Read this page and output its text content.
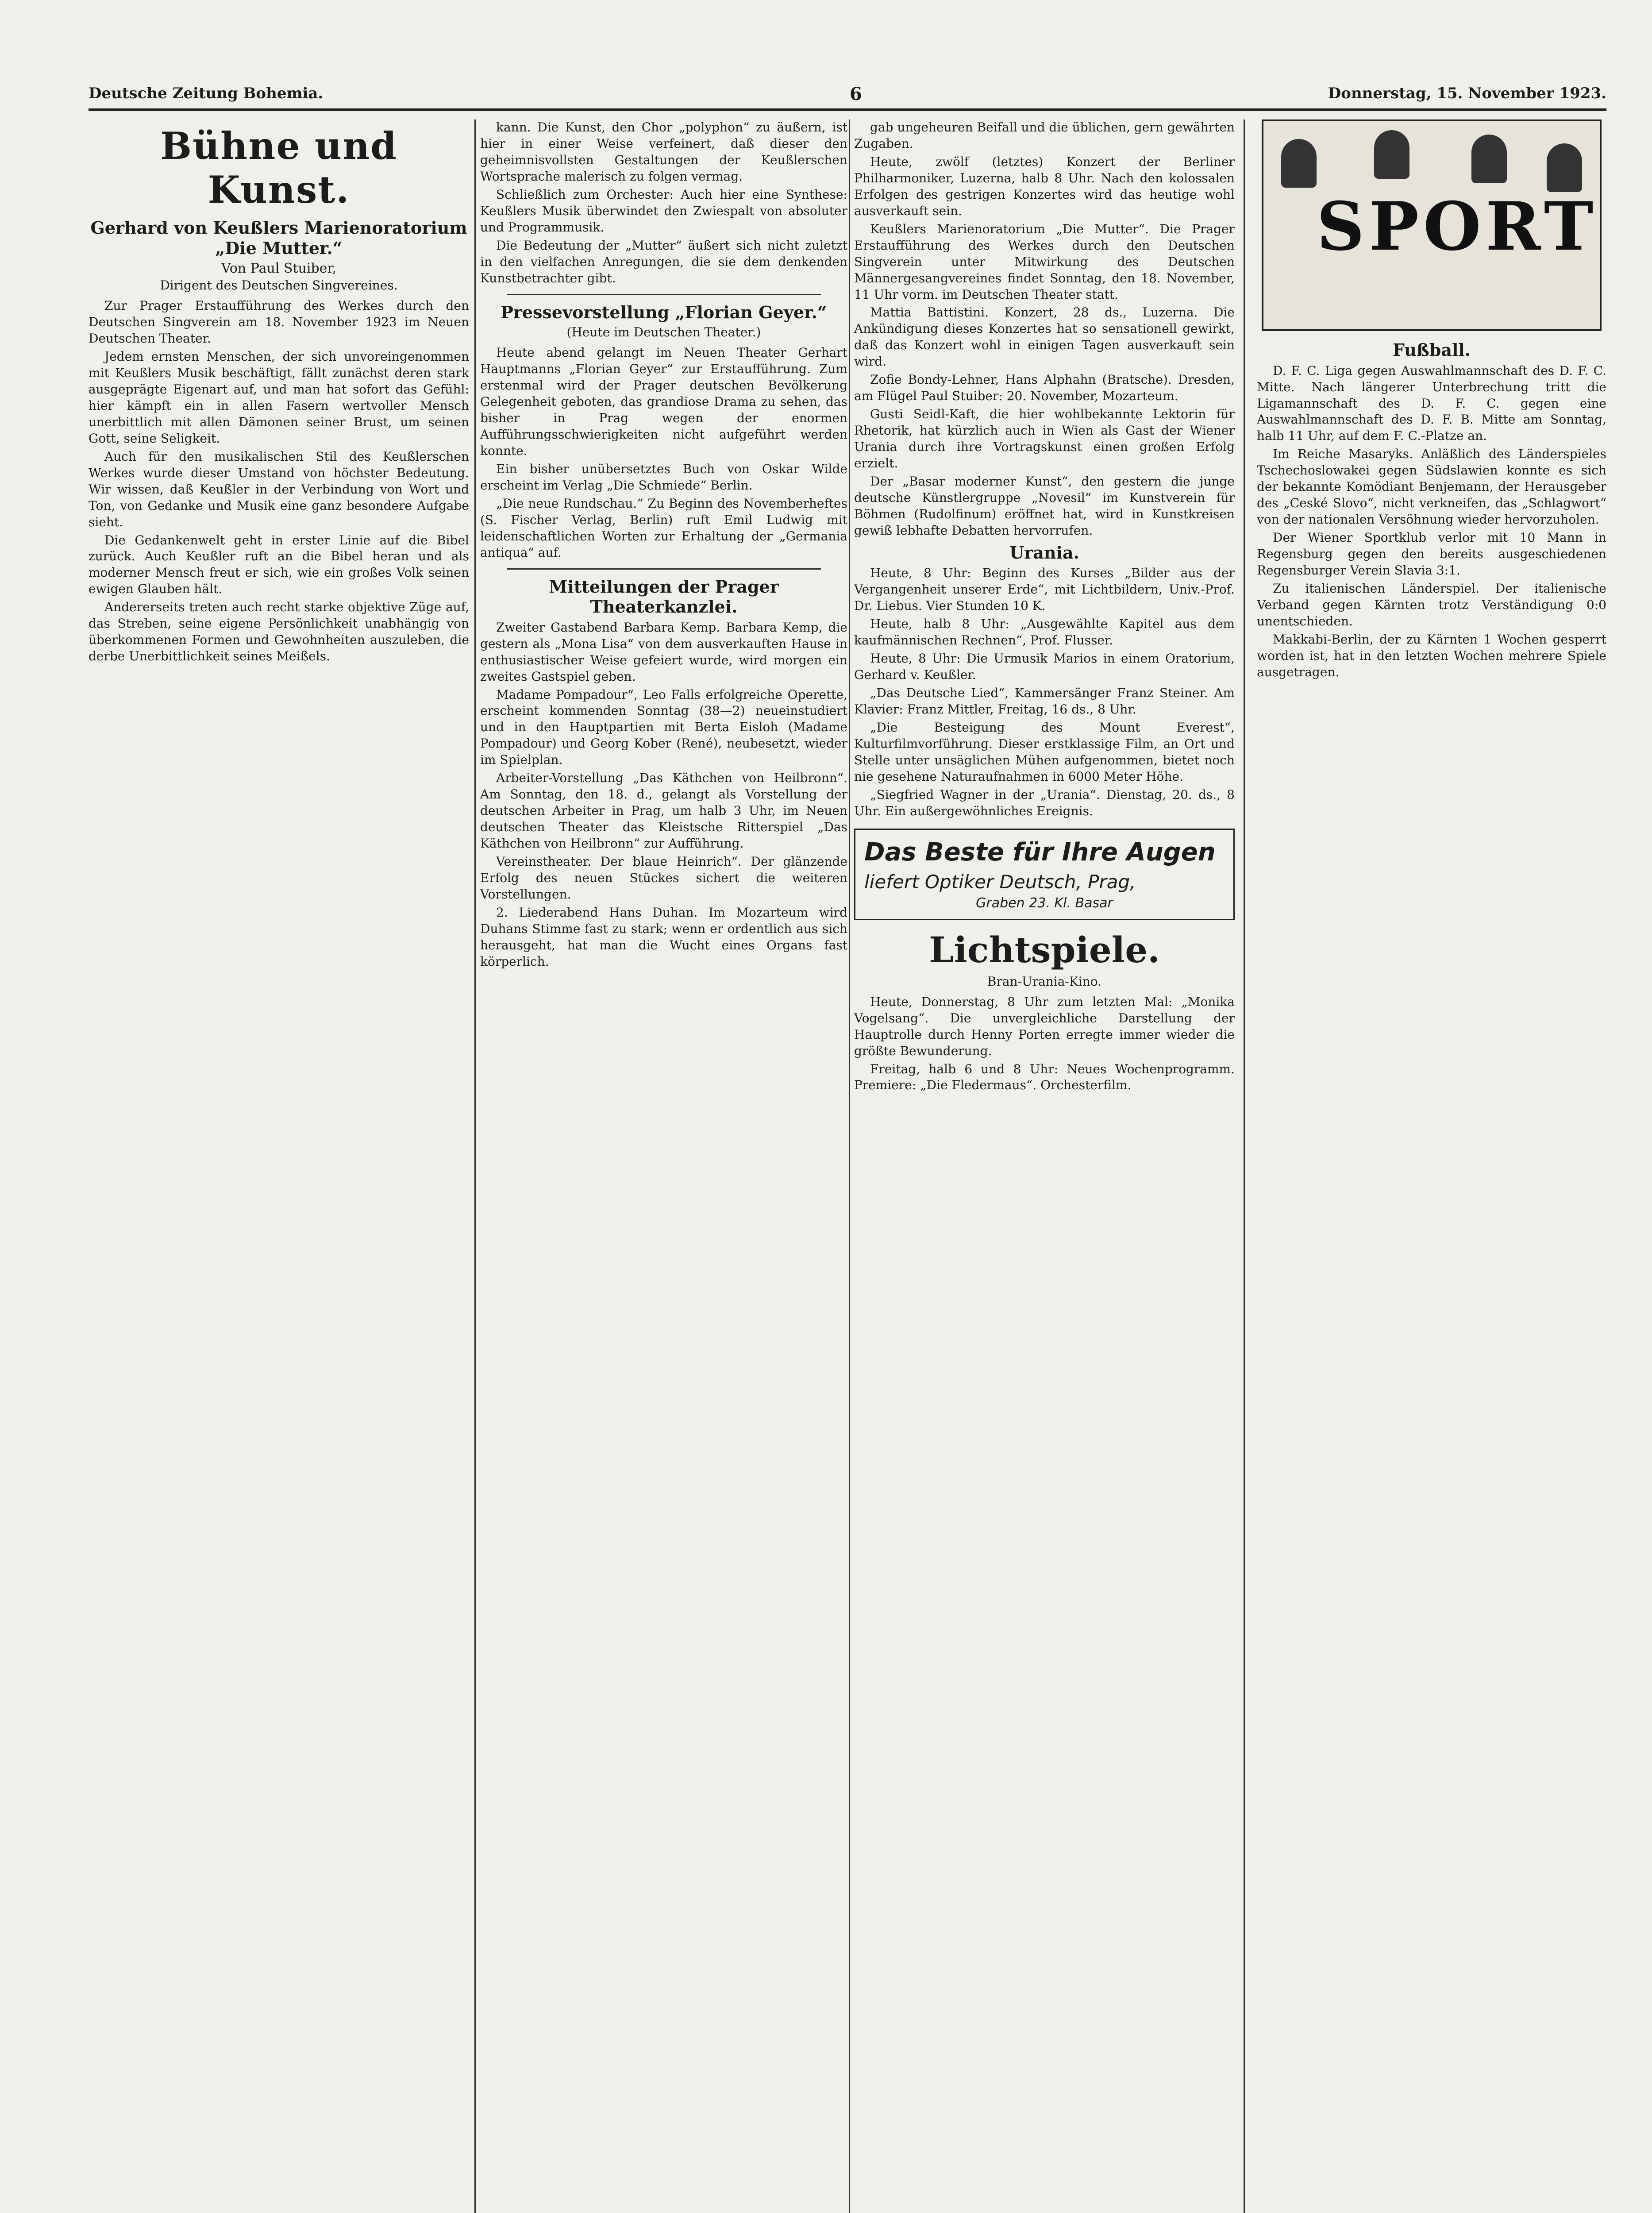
Deutsche Zeitung Bohemia.	6	Donnerstag, 15. November 1923.
Bühne und Kunst.
Gerhard von Keußlers Marienoratorium „Die Mutter.“
Von Paul Stuiber,
Dirigent des Deutschen Singvereines.

Zur Prager Erstaufführung des Werkes durch den Deutschen Singverein am 18. November 1923 im Neuen Deutschen Theater.

Jedem ernsten Menschen, der sich unvoreingenommen mit Keußlers Musik beschäftigt, fällt zunächst deren stark ausgeprägte Eigenart auf, und man hat sofort das Gefühl: hier kämpft ein in allen Fasern wertvoller Mensch unerbittlich mit allen Dämonen seiner Brust, um seinen Gott, seine Seligkeit.

Auch für den musikalischen Stil des Keußlerschen Werkes wurde dieser Umstand von höchster Bedeutung. Wir wissen, daß Keußler in der Verbindung von Wort und Ton, von Gedanke und Musik eine ganz besondere Aufgabe sieht.

Die Gedankenwelt geht in erster Linie auf die Bibel zurück. Auch Keußler ruft an die Bibel heran und als moderner Mensch freut er sich, wie ein großes Volk seinen ewigen Glauben hält.

Andererseits treten auch recht starke objektive Züge auf, das Streben, seine eigene Persönlichkeit unabhängig von überkommenen Formen und Gewohnheiten auszuleben, die derbe Unerbittlichkeit seines Meißels.

kann. Die Kunst, den Chor „polyphon“ zu äußern, ist hier in einer Weise verfeinert, daß dieser den geheimnisvollsten Gestaltungen der Keußlerschen Wortsprache malerisch zu folgen vermag.

Schließlich zum Orchester: Auch hier eine Synthese: Keußlers Musik überwindet den Zwiespalt von absoluter und Programmusik.

Die Bedeutung der „Mutter“ äußert sich nicht zuletzt in den vielfachen Anregungen, die sie dem denkenden Kunstbetrachter gibt.

Pressevorstellung „Florian Geyer.“
(Heute im Deutschen Theater.)

Heute abend gelangt im Neuen Theater Gerhart Hauptmanns „Florian Geyer“ zur Erstaufführung. Zum erstenmal wird der Prager deutschen Bevölkerung Gelegenheit geboten, das grandiose Drama zu sehen, das bisher in Prag wegen der enormen Aufführungsschwierigkeiten nicht aufgeführt werden konnte.

Ein bisher unübersetztes Buch von Oskar Wilde erscheint im Verlag „Die Schmiede“ Berlin.

„Die neue Rundschau.“ Zu Beginn des Novemberheftes (S. Fischer Verlag, Berlin) ruft Emil Ludwig mit leidenschaftlichen Worten zur Erhaltung der „Germania antiqua“ auf.

Mitteilungen der Prager Theaterkanzlei.

Zweiter Gastabend Barbara Kemp. Barbara Kemp, die gestern als „Mona Lisa“ von dem ausverkauften Hause in enthusiastischer Weise gefeiert wurde, wird morgen ein zweites Gastspiel geben.

Madame Pompadour“, Leo Falls erfolgreiche Operette, erscheint kommenden Sonntag (38—2) neueinstudiert und in den Hauptpartien mit Berta Eisloh (Madame Pompadour) und Georg Kober (René), neubesetzt, wieder im Spielplan.

Arbeiter-Vorstellung „Das Käthchen von Heilbronn“. Am Sonntag, den 18. d., gelangt als Vorstellung der deutschen Arbeiter in Prag, um halb 3 Uhr, im Neuen deutschen Theater das Kleistsche Ritterspiel „Das Käthchen von Heilbronn“ zur Aufführung.

Vereinstheater. Der blaue Heinrich“. Der glänzende Erfolg des neuen Stückes sichert die weiteren Vorstellungen.

2. Liederabend Hans Duhan. Im Mozarteum wird Duhans Stimme fast zu stark; wenn er ordentlich aus sich herausgeht, hat man die Wucht eines Organs fast körperlich.

gab ungeheuren Beifall und die üblichen, gern gewährten Zugaben.

Heute, zwölf (letztes) Konzert der Berliner Philharmoniker, Luzerna, halb 8 Uhr. Nach den kolossalen Erfolgen des gestrigen Konzertes wird das heutige wohl ausverkauft sein.

Keußlers Marienoratorium „Die Mutter“. Die Prager Erstaufführung des Werkes durch den Deutschen Singverein unter Mitwirkung des Deutschen Männergesangvereines findet Sonntag, den 18. November, 11 Uhr vorm. im Deutschen Theater statt.

Mattia Battistini. Konzert, 28 ds., Luzerna. Die Ankündigung dieses Konzertes hat so sensationell gewirkt, daß das Konzert wohl in einigen Tagen ausverkauft sein wird.

Zofie Bondy-Lehner, Hans Alphahn (Bratsche). Dresden, am Flügel Paul Stuiber: 20. November, Mozarteum.

Gusti Seidl-Kaft, die hier wohlbekannte Lektorin für Rhetorik, hat kürzlich auch in Wien als Gast der Wiener Urania durch ihre Vortragskunst einen großen Erfolg erzielt.

Der „Basar moderner Kunst“, den gestern die junge deutsche Künstlergruppe „Novesil“ im Kunstverein für Böhmen (Rudolfinum) eröffnet hat, wird in Kunstkreisen gewiß lebhafte Debatten hervorrufen.

Urania.

Heute, 8 Uhr: Beginn des Kurses „Bilder aus der Vergangenheit unserer Erde“, mit Lichtbildern, Univ.-Prof. Dr. Liebus. Vier Stunden 10 K.

Heute, halb 8 Uhr: „Ausgewählte Kapitel aus dem kaufmännischen Rechnen“, Prof. Flusser.

Heute, 8 Uhr: Die Urmusik Marios in einem Oratorium, Gerhard v. Keußler.

„Das Deutsche Lied“, Kammersänger Franz Steiner. Am Klavier: Franz Mittler, Freitag, 16 ds., 8 Uhr.

„Die Besteigung des Mount Everest“, Kulturfilmvorführung. Dieser erstklassige Film, an Ort und Stelle unter unsäglichen Mühen aufgenommen, bietet noch nie gesehene Naturaufnahmen in 6000 Meter Höhe.

„Siegfried Wagner in der „Urania“. Dienstag, 20. ds., 8 Uhr. Ein außergewöhnliches Ereignis.

Das Beste für Ihre Augen
liefert Optiker Deutsch, Prag,
Graben 23. Kl. Basar
Lichtspiele.
Bran-Urania-Kino.

Heute, Donnerstag, 8 Uhr zum letzten Mal: „Monika Vogelsang“. Die unvergleichliche Darstellung der Hauptrolle durch Henny Porten erregte immer wieder die größte Bewunderung.

Freitag, halb 6 und 8 Uhr: Neues Wochenprogramm. Premiere: „Die Fledermaus“. Orchesterfilm.

SPORT
Fußball.

D. F. C. Liga gegen Auswahlmannschaft des D. F. C. Mitte. Nach längerer Unterbrechung tritt die Ligamannschaft des D. F. C. gegen eine Auswahlmannschaft des D. F. B. Mitte am Sonntag, halb 11 Uhr, auf dem F. C.-Platze an.

Im Reiche Masaryks. Anläßlich des Länderspieles Tschechoslowakei gegen Südslawien konnte es sich der bekannte Komödiant Benjemann, der Herausgeber des „Ceské Slovo“, nicht verkneifen, das „Schlagwort“ von der nationalen Versöhnung wieder hervorzuholen.

Der Wiener Sportklub verlor mit 10 Mann in Regensburg gegen den bereits ausgeschiedenen Regensburger Verein Slavia 3:1.

Zu italienischen Länderspiel. Der italienische Verband gegen Kärnten trotz Verständigung 0:0 unentschieden.

Makkabi-Berlin, der zu Kärnten 1 Wochen gesperrt worden ist, hat in den letzten Wochen mehrere Spiele ausgetragen.
